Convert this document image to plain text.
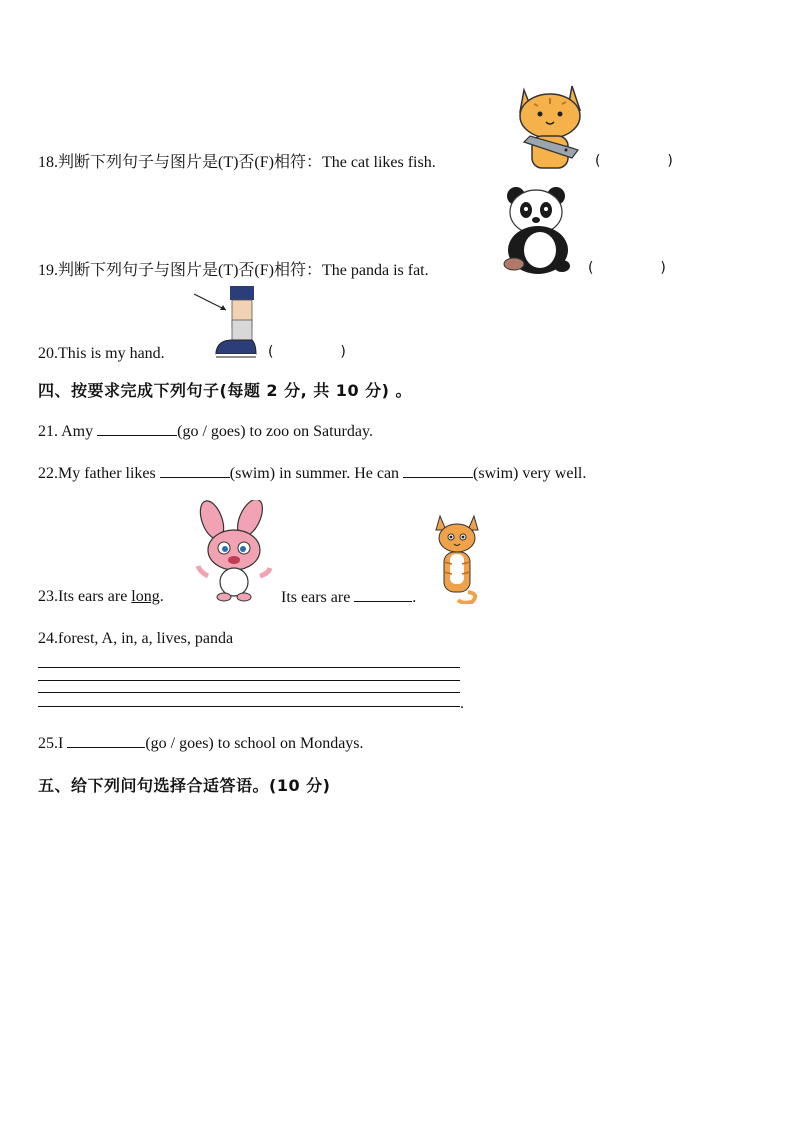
18.判断下列句子与图片是(T)否(F)相符：The cat likes fish.	(	)
19.判断下列句子与图片是(T)否(F)相符：The panda is fat.	(	)
20.This is my hand.	(	)
四、按要求完成下列句子(每题 2 分, 共 10 分) 。
21. Amy	(go / goes) to zoo on Saturday.
22.My father likes	(swim) in summer. He can	(swim) very well.
23.Its ears are long.	Its ears are	.
24.forest, A, in, a, lives, panda
.
25.I	(go / goes) to school on Mondays.
五、给下列问句选择合适答语。(10 分)
